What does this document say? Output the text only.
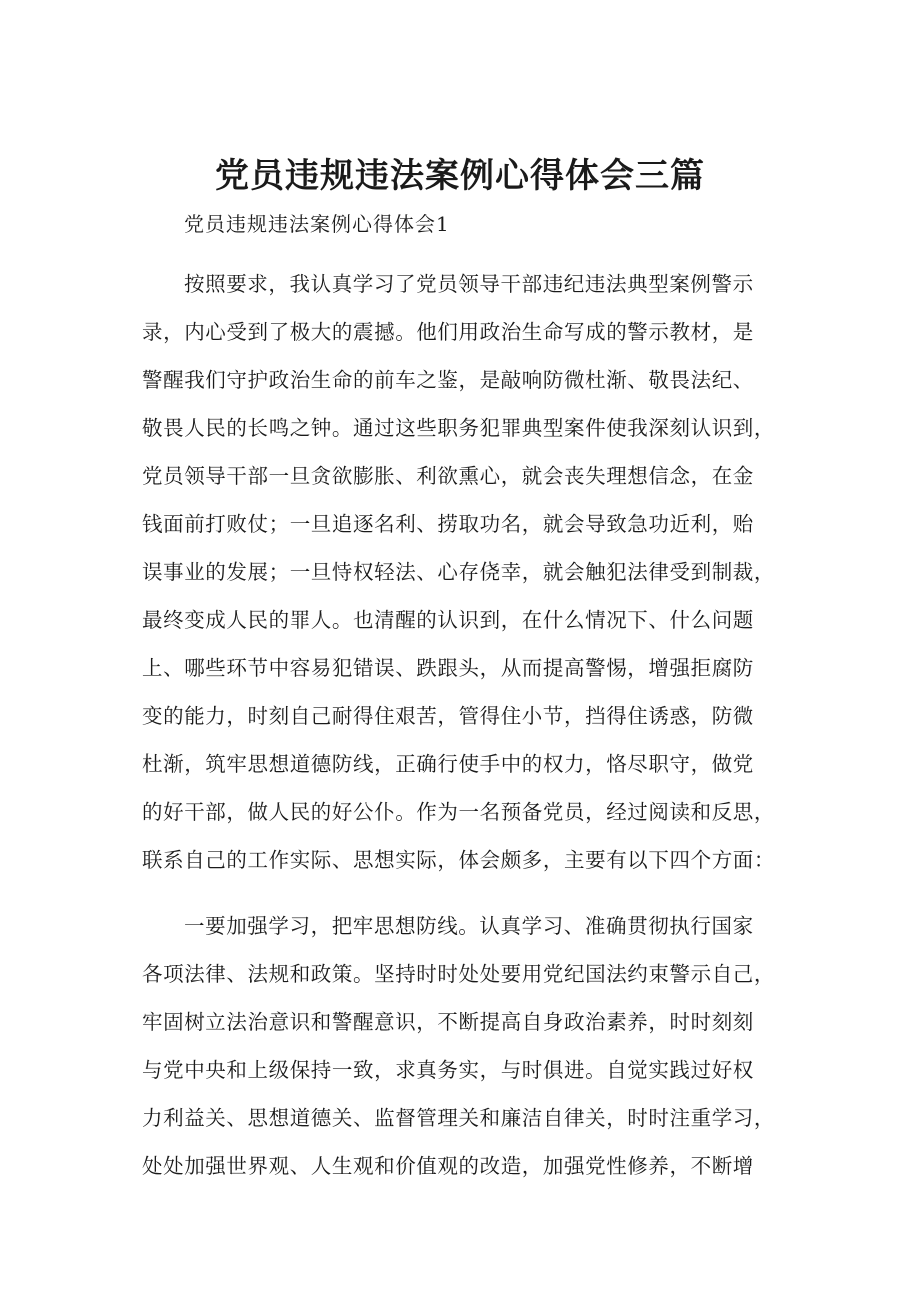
党员违规违法案例心得体会三篇

党员违规违法案例心得体会1

按照要求，我认真学习了党员领导干部违纪违法典型案例警示

录，内心受到了极大的震撼。他们用政治生命写成的警示教材，是

警醒我们守护政治生命的前车之鉴，是敲响防微杜渐、敬畏法纪、

敬畏人民的长鸣之钟。通过这些职务犯罪典型案件使我深刻认识到，

党员领导干部一旦贪欲膨胀、利欲熏心，就会丧失理想信念，在金

钱面前打败仗；一旦追逐名利、捞取功名，就会导致急功近利，贻

误事业的发展；一旦恃权轻法、心存侥幸，就会触犯法律受到制裁，

最终变成人民的罪人。也清醒的认识到，在什么情况下、什么问题

上、哪些环节中容易犯错误、跌跟头，从而提高警惕，增强拒腐防

变的能力，时刻自己耐得住艰苦，管得住小节，挡得住诱惑，防微

杜渐，筑牢思想道德防线，正确行使手中的权力，恪尽职守，做党

的好干部，做人民的好公仆。作为一名预备党员，经过阅读和反思，

联系自己的工作实际、思想实际，体会颇多，主要有以下四个方面：

一要加强学习，把牢思想防线。认真学习、准确贯彻执行国家

各项法律、法规和政策。坚持时时处处要用党纪国法约束警示自己，

牢固树立法治意识和警醒意识，不断提高自身政治素养，时时刻刻

与党中央和上级保持一致，求真务实，与时俱进。自觉实践过好权

力利益关、思想道德关、监督管理关和廉洁自律关，时时注重学习，

处处加强世界观、人生观和价值观的改造，加强党性修养，不断增
